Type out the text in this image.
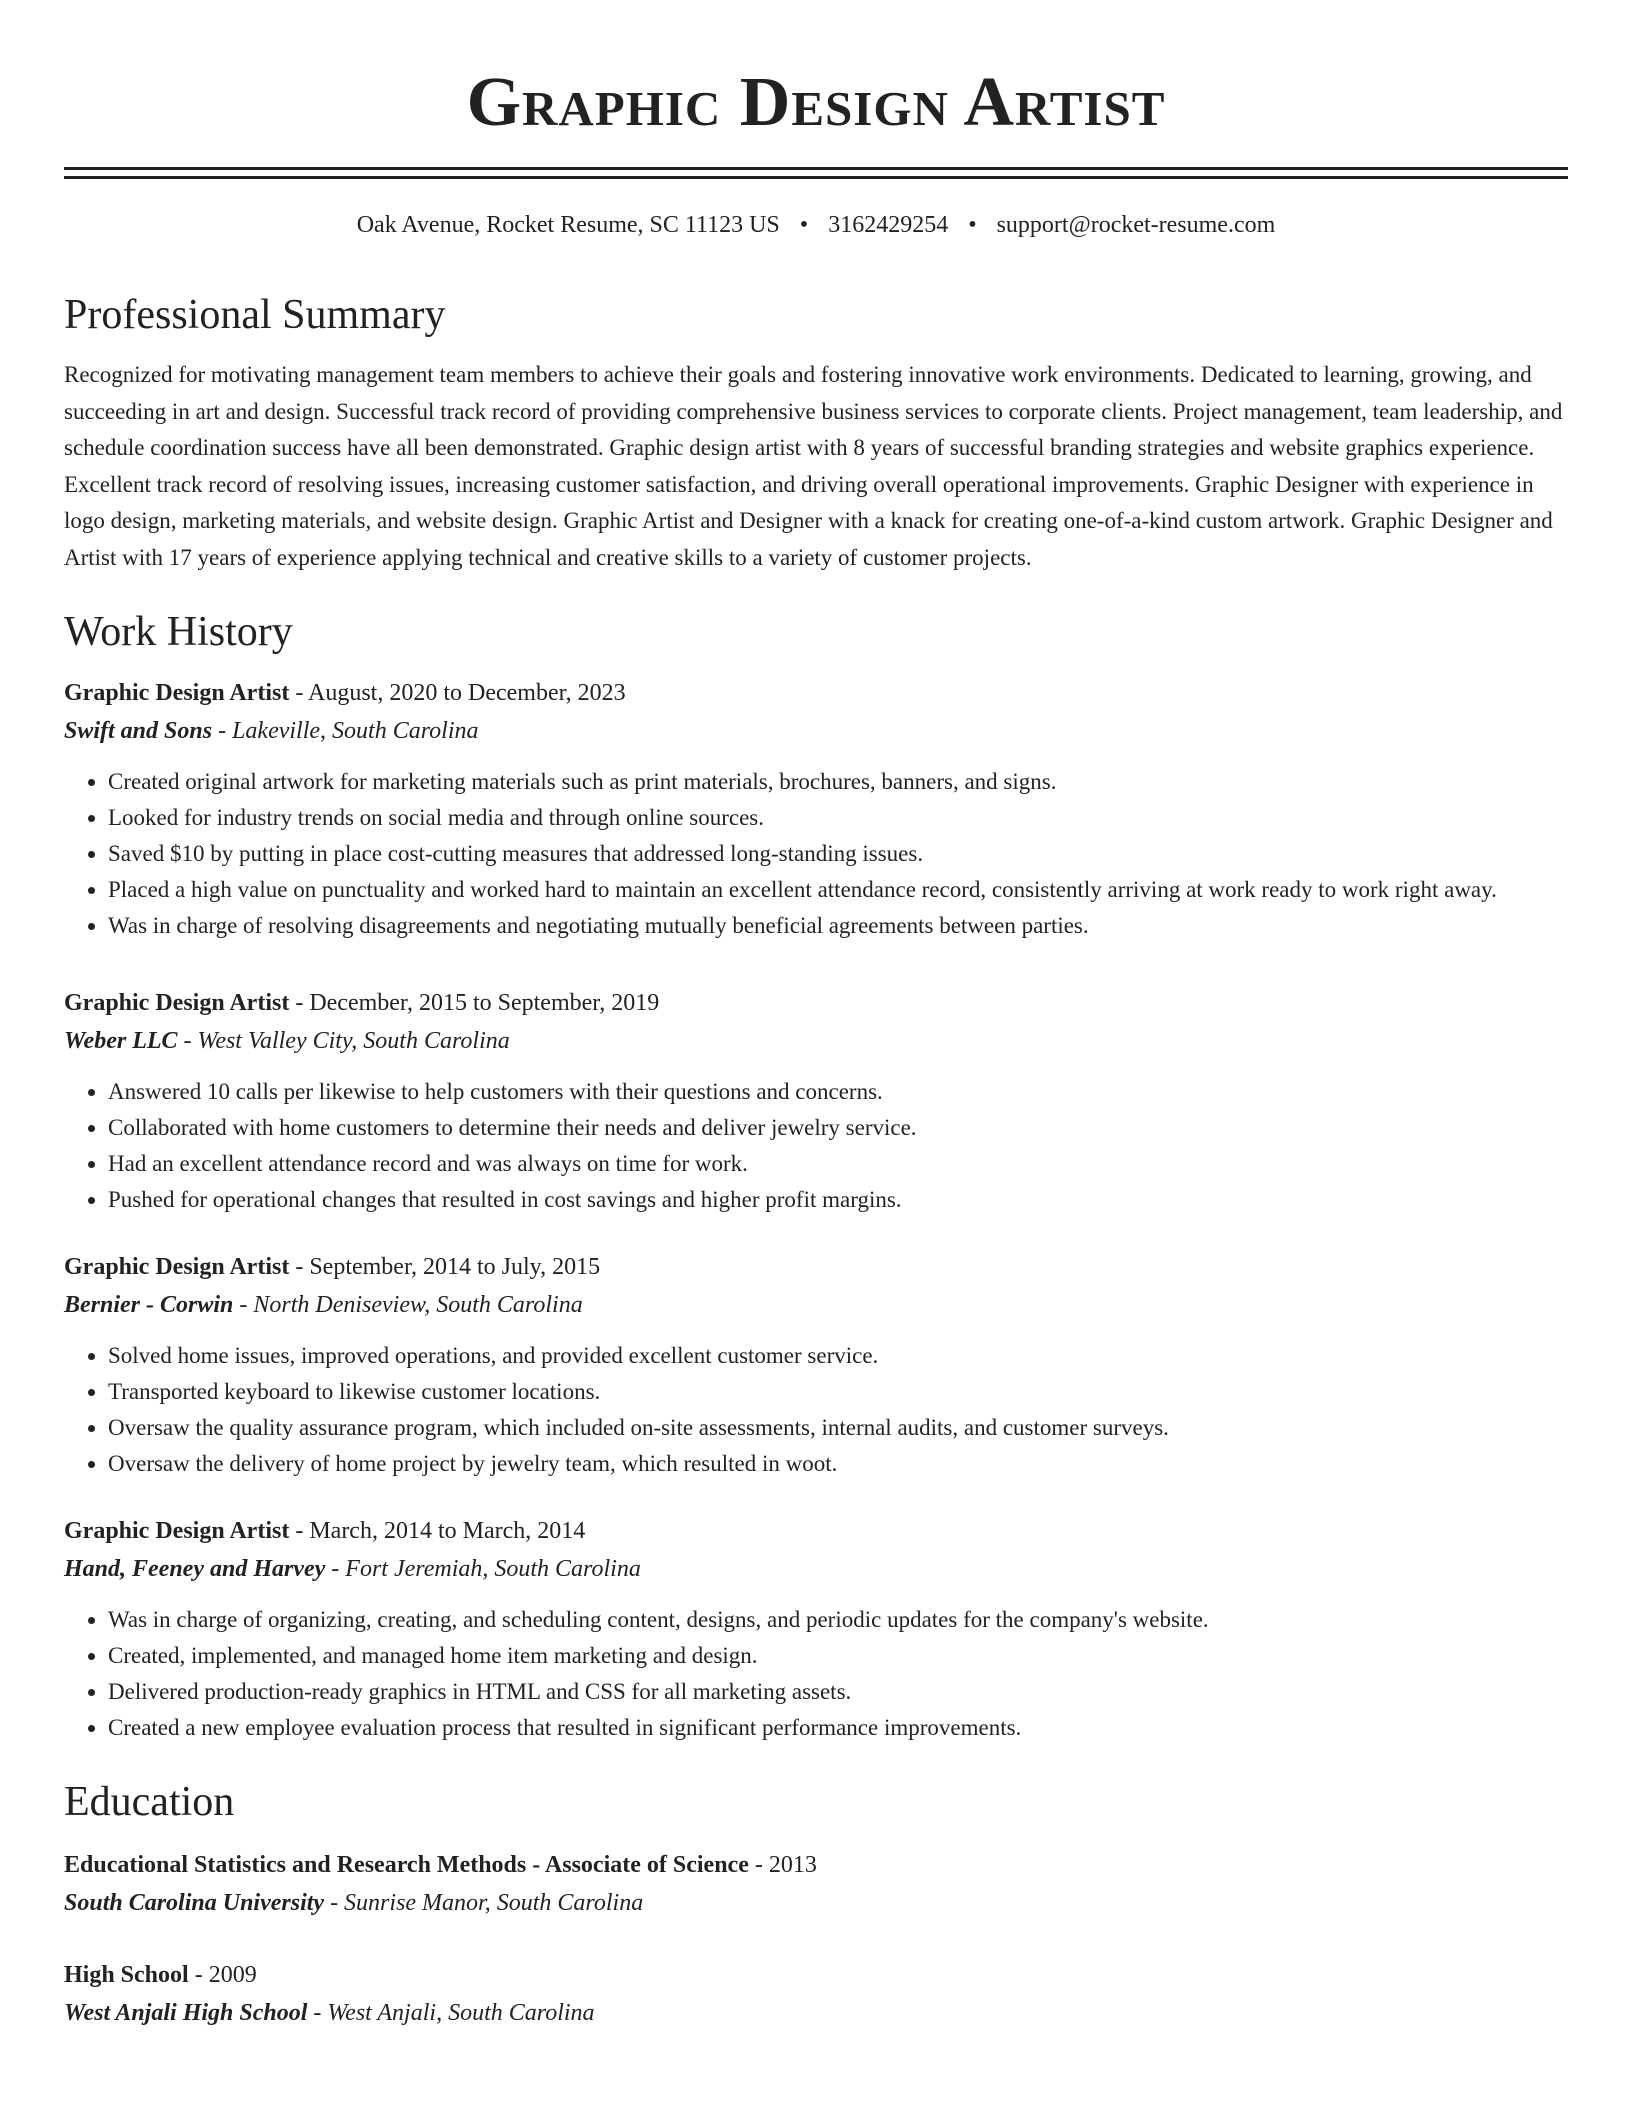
Graphic Design Artist
Oak Avenue, Rocket Resume, SC 11123 US • 3162429254 • support@rocket-resume.com
Professional Summary

Recognized for motivating management team members to achieve their goals and fostering innovative work environments. Dedicated to learning, growing, and succeeding in art and design. Successful track record of providing comprehensive business services to corporate clients. Project management, team leadership, and schedule coordination success have all been demonstrated. Graphic design artist with 8 years of successful branding strategies and website graphics experience. Excellent track record of resolving issues, increasing customer satisfaction, and driving overall operational improvements. Graphic Designer with experience in logo design, marketing materials, and website design. Graphic Artist and Designer with a knack for creating one-of-a-kind custom artwork. Graphic Designer and Artist with 17 years of experience applying technical and creative skills to a variety of customer projects.

Work History
Graphic Design Artist - August, 2020 to December, 2023
Swift and Sons - Lakeville, South Carolina
• Created original artwork for marketing materials such as print materials, brochures, banners, and signs.
• Looked for industry trends on social media and through online sources.
• Saved $10 by putting in place cost-cutting measures that addressed long-standing issues.
• Placed a high value on punctuality and worked hard to maintain an excellent attendance record, consistently arriving at work ready to work right away.
• Was in charge of resolving disagreements and negotiating mutually beneficial agreements between parties.
Graphic Design Artist - December, 2015 to September, 2019
Weber LLC - West Valley City, South Carolina
• Answered 10 calls per likewise to help customers with their questions and concerns.
• Collaborated with home customers to determine their needs and deliver jewelry service.
• Had an excellent attendance record and was always on time for work.
• Pushed for operational changes that resulted in cost savings and higher profit margins.
Graphic Design Artist - September, 2014 to July, 2015
Bernier - Corwin - North Deniseview, South Carolina
• Solved home issues, improved operations, and provided excellent customer service.
• Transported keyboard to likewise customer locations.
• Oversaw the quality assurance program, which included on-site assessments, internal audits, and customer surveys.
• Oversaw the delivery of home project by jewelry team, which resulted in woot.
Graphic Design Artist - March, 2014 to March, 2014
Hand, Feeney and Harvey - Fort Jeremiah, South Carolina
• Was in charge of organizing, creating, and scheduling content, designs, and periodic updates for the company's website.
• Created, implemented, and managed home item marketing and design.
• Delivered production-ready graphics in HTML and CSS for all marketing assets.
• Created a new employee evaluation process that resulted in significant performance improvements.
Education
Educational Statistics and Research Methods - Associate of Science - 2013
South Carolina University - Sunrise Manor, South Carolina
High School - 2009
West Anjali High School - West Anjali, South Carolina
